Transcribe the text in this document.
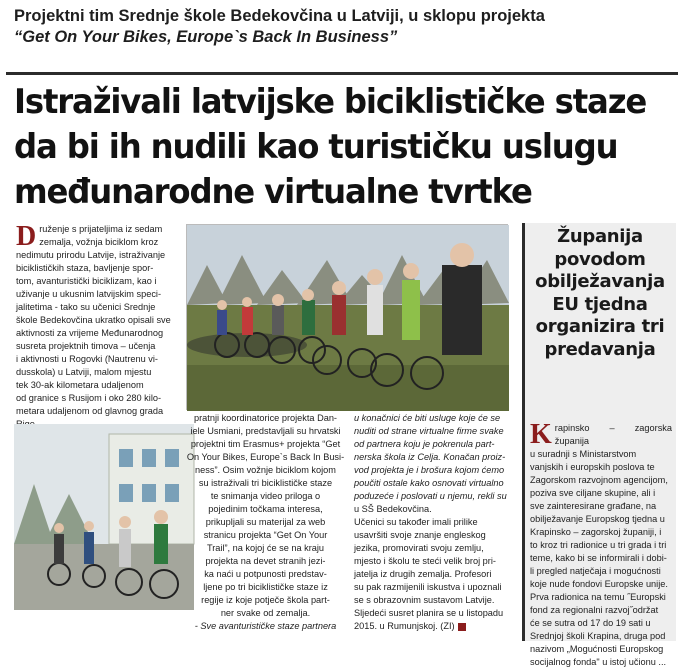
Projektni tim Srednje škole Bedekovčina u Latviji, u sklopu projekta
“Get On Your Bikes, Europe`s Back In Business”
Istraživali latvijske biciklističke staze
da bi ih nudili kao turističku uslugu
međunarodne virtualne tvrtke
D ruženje s prijateljima iz sedam
zemalja, vožnja biciklom kroz
nedimutu prirodu Latvije, istraživanje
biciklističkih staza, bavljenje spor-
tom, avanturistički biciklizam, kao i
uživanje u ukusnim latvijskim speci-
jalitetima - tako su učenici Srednje
škole Bedekovčina ukratko opisali sve
aktivnosti za vrijeme Međunarodnog
susreta projektnih timova – učenja
i aktivnosti u Rogovki (Nautrenu vi-
dusskola) u Latviji, malom mjestu
tek 30-ak kilometara udaljenom
od granice s Rusijom i oko 280 kilo-
metara udaljenom od glavnog grada
pratnji koordinatorice projekta Dan-
iele Usmiani, predstavljali su hrvatski
projektni tim Erasmus+ projekta “Get
On Your Bikes, Europe`s Back In Busi-
ness”. Osim vožnje biciklom kojom
su istraživali tri biciklističke staze
te snimanja video priloga o
pojedinim točkama interesa,
prikupljali su materijal za web
stranicu projekta “Get On Your
Trail”, na kojoj će se na kraju
projekta na devet stranih jezi-
ka naći u potpunosti predstav-
ljene po tri biciklističke staze iz
regije iz koje potječe škola part-
ner svake od zemalja.
- Sve avanturističke staze partnera
u konačnici će biti usluge koje će se
nuditi od strane virtualne firme svake
od partnera koju je pokrenula part-
nerska škola iz Celja. Konačan proiz-
vod projekta je i brošura kojom ćemo
poučiti ostale kako osnovati virtualno
poduzeće i poslovati u njemu, rekli su
u SŠ Bedekovčina.
Učenici su također imali prilike
usavršiti svoje znanje engleskog
jezika, promovirati svoju zemlju,
mjesto i školu te steći velik broj pri-
jatelja iz drugih zemalja. Profesori
su pak razmijenili iskustva i upoznali
se s obrazovnim sustavom Latvije.
Sljedeći susret planira se u listopadu
2015. u Rumunjskoj. (ZI)
Županija
povodom
obilježavanja
EU tjedna
organizira tri
predavanja
K rapinsko – zagorska županija
u suradnji s Ministarstvom
vanjskih i europskih poslova te
Zagorskom razvojnom agencijom,
poziva sve ciljane skupine, ali i
sve zainteresirane građane, na
obilježavanje Europskog tjedna u
Krapinsko – zagorskoj županiji, i
to kroz tri radionice u tri grada i tri
teme, kako bi se informirali i dobi-
li pregled natječaja i mogućnosti
koje nude fondovi Europske unije.
Prva radionica na temu ˝Europski
fond za regionalni razvoj˝održat
će se sutra od 17 do 19 sati u
Srednjoj školi Krapina, druga pod
nazivom „Mogućnosti Europskog
socijalnog fonda" u istoj učionu ...
